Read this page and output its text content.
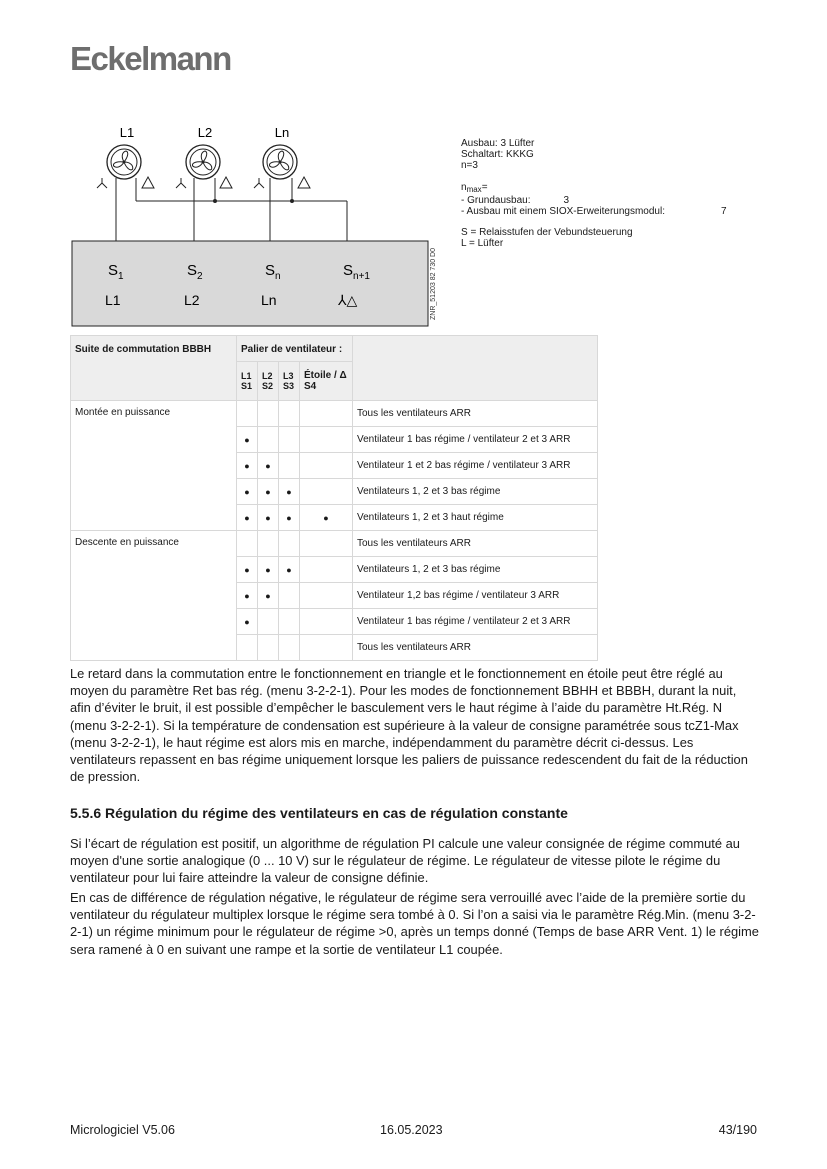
Eckelmann
L1	L2	Ln
$S_1$	$S_2$	$S_n$	$S_{n+1}$
L1	L2	Ln	⅄△	ZNR_51203 82 730 D0
Ausbau: 3 Lüfter
Schaltart: KKKG
n=3
$n_{max}=$
- Grundausbau:	3
- Ausbau mit einem SIOX-Erweiterungsmodul:	7
S = Relaisstufen der Vebundsteuerung
L = Lüfter
Suite de commutation BBBH	Palier de ventilateur :				
	L1 S1	L2 S2	L3 S3	Étoile / Δ S4	
Montée en puissance					Tous les ventilateurs ARR
	●				Ventilateur 1 bas régime / ventilateur 2 et 3 ARR
	●	●			Ventilateur 1 et 2 bas régime / ventilateur 3 ARR
	●	●	●		Ventilateurs 1, 2 et 3 bas régime
	●	●	●	●	Ventilateurs 1, 2 et 3 haut régime
Descente en puissance					Tous les ventilateurs ARR
	●	●	●		Ventilateurs 1, 2 et 3 bas régime
	●	●			Ventilateur 1,2 bas régime / ventilateur 3 ARR
	●				Ventilateur 1 bas régime / ventilateur 2 et 3 ARR
					Tous les ventilateurs ARR

Le retard dans la commutation entre le fonctionnement en triangle et le fonctionnement en étoile peut être réglé au moyen du paramètre Ret bas rég. (menu 3-2-2-1). Pour les modes de fonctionnement BBHH et BBBH, durant la nuit, afin d’éviter le bruit, il est possible d’empêcher le basculement vers le haut régime à l’aide du paramètre Ht.Rég. N (menu 3-2-2-1). Si la température de condensation est supérieure à la valeur de consigne paramétrée sous tcZ1-Max (menu 3-2-2-1), le haut régime est alors mis en marche, indépendamment du paramètre décrit ci-dessus. Les ventilateurs repassent en bas régime uniquement lorsque les paliers de puissance redescendent du fait de la réduction de pression.

5.5.6 Régulation du régime des ventilateurs en cas de régulation constante

Si l’écart de régulation est positif, un algorithme de régulation PI calcule une valeur consignée de régime commuté au moyen d'une sortie analogique (0 ... 10 V) sur le régulateur de régime. Le régulateur de vitesse pilote le régime du ventilateur pour lui faire atteindre la valeur de consigne définie.

En cas de différence de régulation négative, le régulateur de régime sera verrouillé avec l’aide de la première sortie du ventilateur du régulateur multiplex lorsque le régime sera tombé à 0. Si l’on a saisi via le paramètre Rég.Min. (menu 3-2-2-1) un régime minimum pour le régulateur de régime >0, après un temps donné (Temps de base ARR Vent. 1) le régime sera ramené à 0 en suivant une rampe et la sortie de ventilateur L1 coupée.

Micrologiciel V5.06	16.05.2023	43/190
